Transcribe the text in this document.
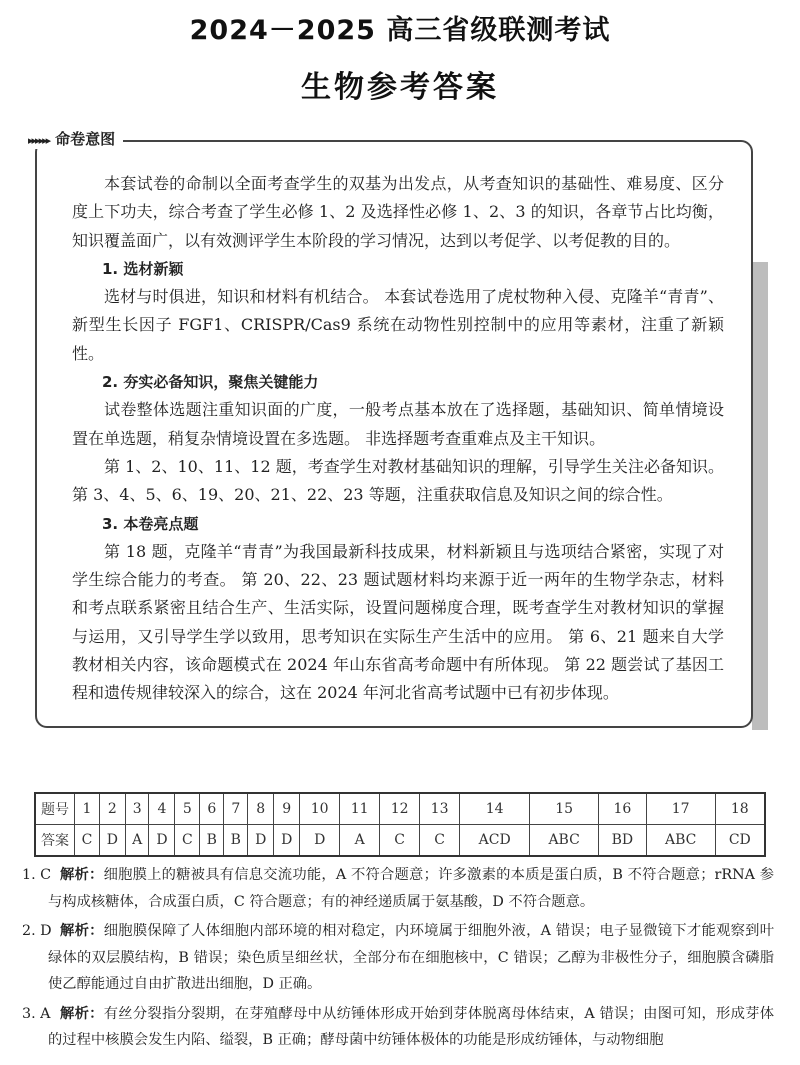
2024－2025 高三省级联测考试
生物参考答案
▸▸▸▸▸▸ 命卷意图

本套试卷的命制以全面考查学生的双基为出发点，从考查知识的基础性、难易度、区分度上下功夫，综合考查了学生必修 1、2 及选择性必修 1、2、3 的知识，各章节占比均衡，知识覆盖面广，以有效测评学生本阶段的学习情况，达到以考促学、以考促教的目的。

1. 选材新颖

选材与时俱进，知识和材料有机结合。 本套试卷选用了虎杖物种入侵、克隆羊“青青”、新型生长因子 FGF1、CRISPR/Cas9 系统在动物性别控制中的应用等素材，注重了新颖性。

2. 夯实必备知识，聚焦关键能力

试卷整体选题注重知识面的广度，一般考点基本放在了选择题，基础知识、简单情境设置在单选题，稍复杂情境设置在多选题。 非选择题考查重难点及主干知识。

第 1、2、10、11、12 题，考查学生对教材基础知识的理解，引导学生关注必备知识。 第 3、4、5、6、19、20、21、22、23 等题，注重获取信息及知识之间的综合性。

3. 本卷亮点题

第 18 题，克隆羊“青青”为我国最新科技成果，材料新颖且与选项结合紧密，实现了对学生综合能力的考查。 第 20、22、23 题试题材料均来源于近一两年的生物学杂志，材料和考点联系紧密且结合生产、生活实际，设置问题梯度合理，既考查学生对教材知识的掌握与运用，又引导学生学以致用，思考知识在实际生产生活中的应用。 第 6、21 题来自大学教材相关内容，该命题模式在 2024 年山东省高考命题中有所体现。 第 22 题尝试了基因工程和遗传规律较深入的综合，这在 2024 年河北省高考试题中已有初步体现。

题号	1	2	3	4	5	6	7	8	9	10	11	12	13	14	15	16	17	18
答案	C	D	A	D	C	B	B	D	D	D	A	C	C	ACD	ABC	BD	ABC	CD
1. C 解析：细胞膜上的糖被具有信息交流功能，A 不符合题意；许多激素的本质是蛋白质，B 不符合题意；rRNA 参与构成核糖体，合成蛋白质，C 符合题意；有的神经递质属于氨基酸，D 不符合题意。
2. D 解析：细胞膜保障了人体细胞内部环境的相对稳定，内环境属于细胞外液，A 错误；电子显微镜下才能观察到叶绿体的双层膜结构，B 错误；染色质呈细丝状，全部分布在细胞核中，C 错误；乙醇为非极性分子，细胞膜含磷脂使乙醇能通过自由扩散进出细胞，D 正确。
3. A 解析：有丝分裂指分裂期，在芽殖酵母中从纺锤体形成开始到芽体脱离母体结束，A 错误；由图可知，形成芽体的过程中核膜会发生内陷、缢裂，B 正确；酵母菌中纺锤体极体的功能是形成纺锤体，与动物细胞
